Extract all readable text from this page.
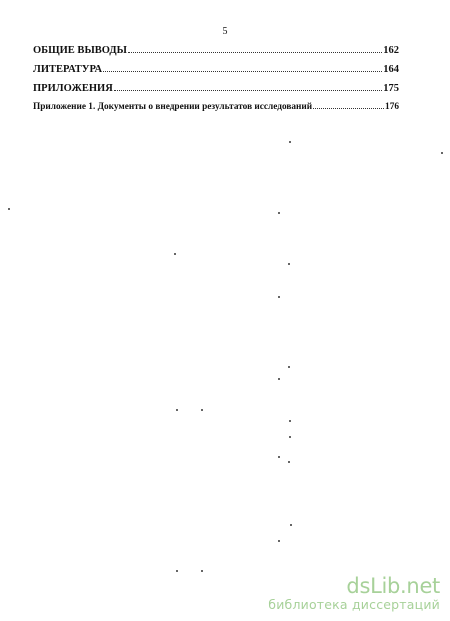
5
ОБЩИЕ ВЫВОДЫ	162
ЛИТЕРАТУРА	164
ПРИЛОЖЕНИЯ	175
Приложение 1. Документы о внедрении результатов исследований	176
dsLib.net
библиотека диссертаций
